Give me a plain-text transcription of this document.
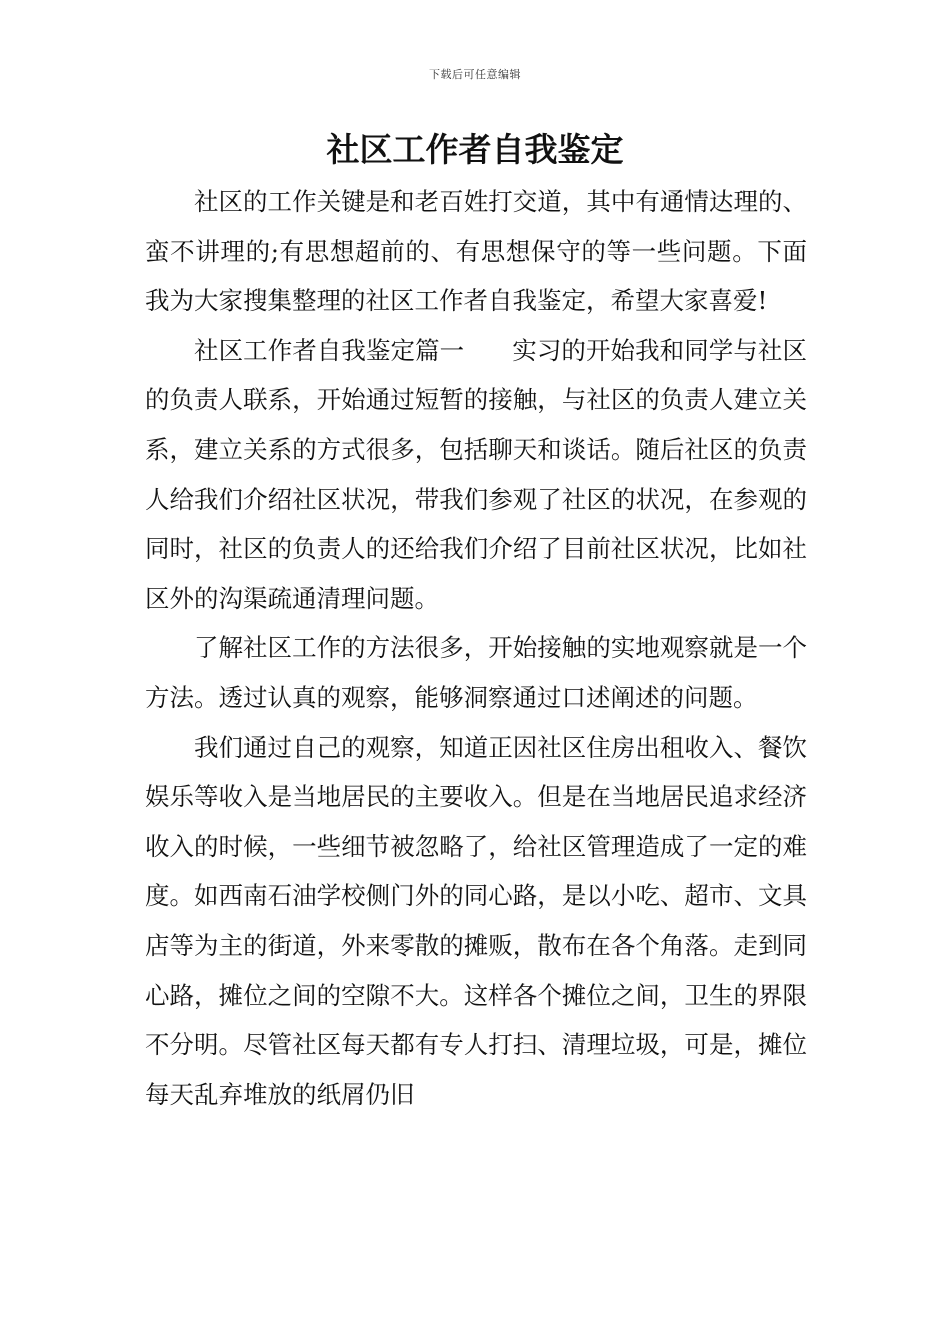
下载后可任意编辑
社区工作者自我鉴定

社区的工作关键是和老百姓打交道，其中有通情达理的、蛮不讲理的;有思想超前的、有思想保守的等一些问题。下面我为大家搜集整理的社区工作者自我鉴定，希望大家喜爱!

社区工作者自我鉴定篇一 实习的开始我和同学与社区的负责人联系，开始通过短暂的接触，与社区的负责人建立关系，建立关系的方式很多，包括聊天和谈话。随后社区的负责人给我们介绍社区状况，带我们参观了社区的状况，在参观的同时，社区的负责人的还给我们介绍了目前社区状况，比如社区外的沟渠疏通清理问题。

了解社区工作的方法很多，开始接触的实地观察就是一个方法。透过认真的观察，能够洞察通过口述阐述的问题。

我们通过自己的观察，知道正因社区住房出租收入、餐饮娱乐等收入是当地居民的主要收入。但是在当地居民追求经济收入的时候，一些细节被忽略了，给社区管理造成了一定的难度。如西南石油学校侧门外的同心路，是以小吃、超市、文具店等为主的街道，外来零散的摊贩，散布在各个角落。走到同心路，摊位之间的空隙不大。这样各个摊位之间，卫生的界限不分明。尽管社区每天都有专人打扫、清理垃圾，可是，摊位每天乱弃堆放的纸屑仍旧
